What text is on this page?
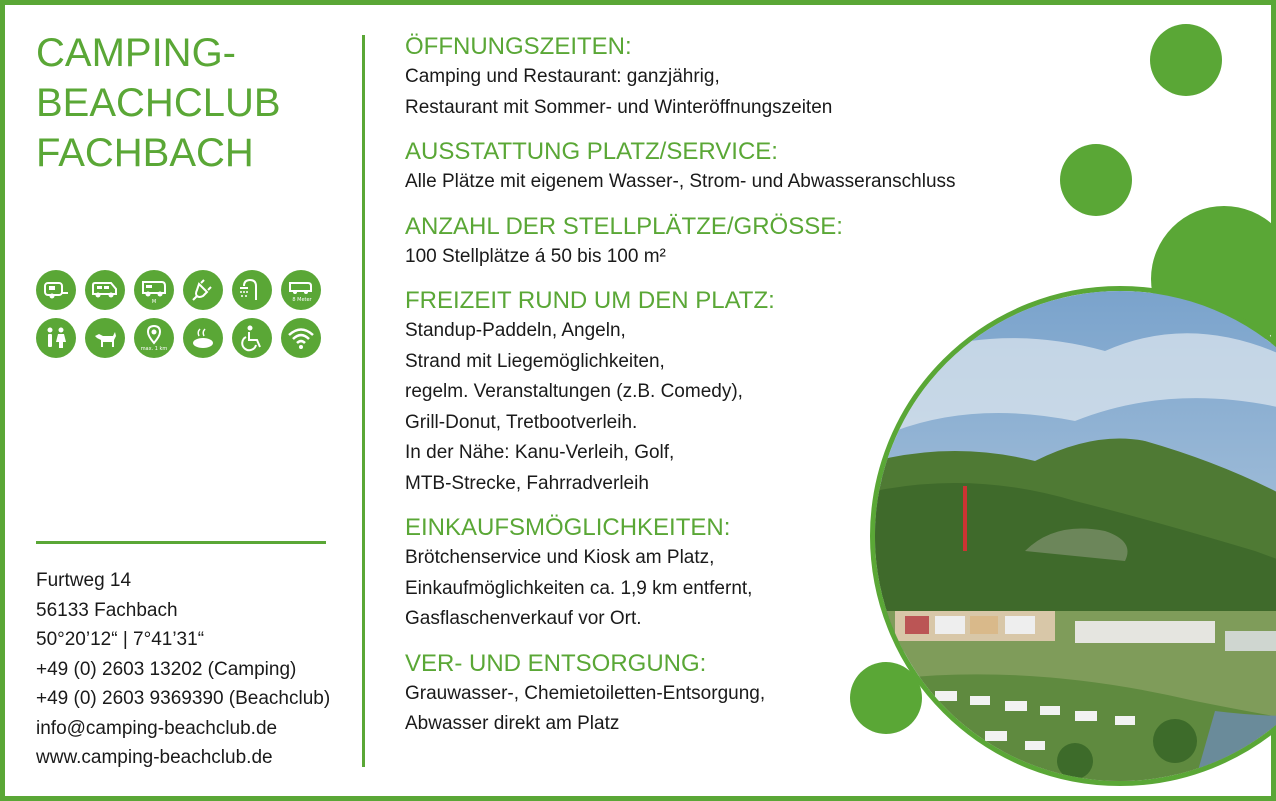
CAMPING-
BEACHCLUB
FACHBACH
M	8 Meter
max. 1 km
Furtweg 14
56133 Fachbach
50°20’12“ | 7°41’31“
+49 (0) 2603 13202 (Camping)
+49 (0) 2603 9369390 (Beachclub)
info@camping-beachclub.de
www.camping-beachclub.de
ÖFFNUNGSZEITEN:
Camping und Restaurant: ganzjährig,
Restaurant mit Sommer- und Winteröffnungszeiten
AUSSTATTUNG PLATZ/SERVICE:
Alle Plätze mit eigenem Wasser-, Strom- und Abwasseranschluss
ANZAHL DER STELLPLÄTZE/GRÖSSE:
100 Stellplätze á 50 bis 100 m²
FREIZEIT RUND UM DEN PLATZ:
Standup-Paddeln, Angeln,
Strand mit Liegemöglichkeiten,
regelm. Veranstaltungen (z.B. Comedy),
Grill-Donut, Tretbootverleih.
In der Nähe: Kanu-Verleih, Golf,
MTB-Strecke, Fahrradverleih
EINKAUFSMÖGLICHKEITEN:
Brötchenservice und Kiosk am Platz,
Einkaufmöglichkeiten ca. 1,9 km entfernt,
Gasflaschenverkauf vor Ort.
VER- UND ENTSORGUNG:
Grauwasser-, Chemietoiletten-Entsorgung,
Abwasser direkt am Platz
